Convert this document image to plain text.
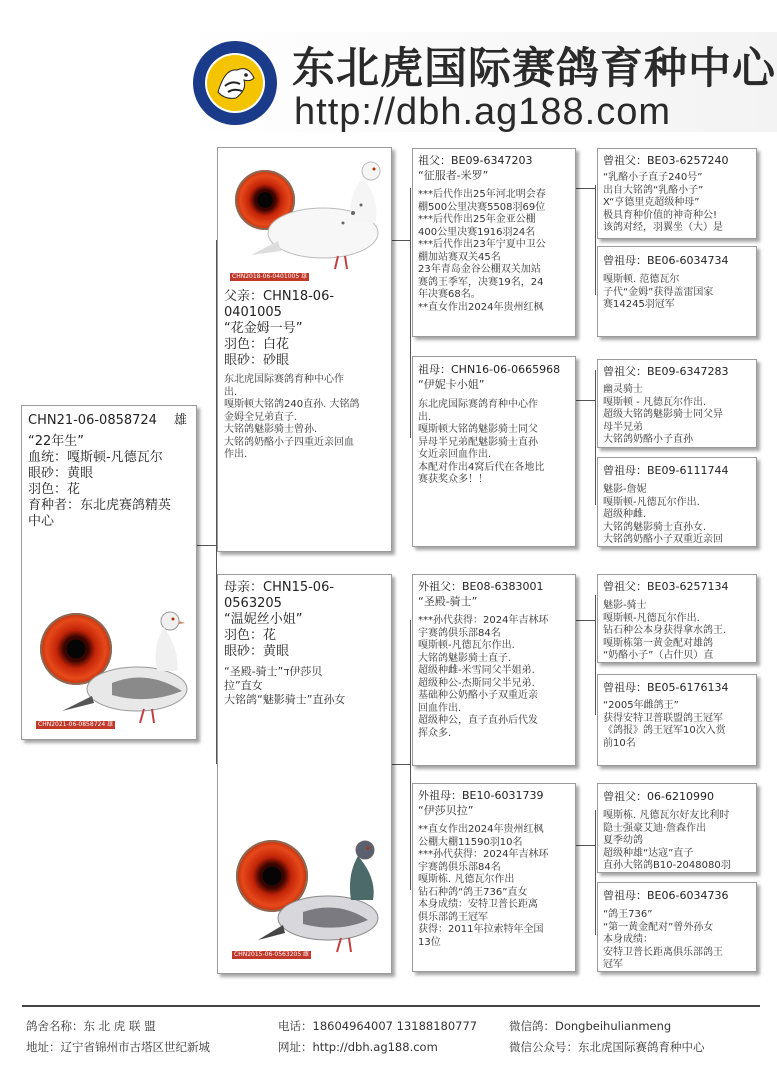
东北虎国际赛鸽育种中心
http://dbh.ag188.com
CHN21-06-0858724 雄
“22年生”
血统：嘎斯顿-凡德瓦尔
眼砂：黄眼
羽色：花
育种者：东北虎赛鸽精英
中心
CHN2021-06-0858724 雄
CHN2018-06-0401005 雄
父亲：CHN18-06-
0401005
“花金姆一号”
羽色：白花
眼砂：砂眼
东北虎国际赛鸽育种中心作
出.
嘎斯顿大铭鸽240直孙. 大铭鸽
金姆全兄弟直子.
大铭鸽魅影骑士曾孙.
大铭鸽奶酪小子四重近亲回血
作出.
母亲：CHN15-06-
0563205
“温妮丝小姐”
羽色：花
眼砂：黄眼
“圣殿-骑士”ד伊莎贝
拉”直女
大铭鸽“魅影骑士”直孙女
CHN2015-06-0563205 雌
祖父：BE09-6347203
“征服者-米罗”
***后代作出25年河北明会春
棚500公里决赛5508羽69位
***后代作出25年金亚公棚
400公里决赛1916羽24名
***后代作出23年宁夏中卫公
棚加站赛双关45名
23年青岛金谷公棚双关加站
赛鸽王季军，决赛19名，24
年决赛68名。
**直女作出2024年贵州红枫
祖母：CHN16-06-0665968
“伊妮卡小姐”
东北虎国际赛鸽育种中心作
出.
嘎斯顿大铭鸽魅影骑士同父
异母半兄弟配魅影骑士直孙
女近亲回血作出.
本配对作出4窝后代在各地比
赛获奖众多！！
外祖父：BE08-6383001
“圣殿-骑士”
***孙代获得：2024年吉林环
宇赛鸽俱乐部84名
嘎斯顿-凡德瓦尔作出.
大铭鸽魅影骑士直子.
超级种雌-米雪同父半姐弟.
超级种公-杰斯同父半兄弟.
基础种公奶酪小子双重近亲
回血作出.
超级种公，直子直孙后代发
挥众多.
外祖母：BE10-6031739
“伊莎贝拉”
**直女作出2024年贵州红枫
公棚大棚11590羽10名
***孙代获得：2024年吉林环
宇赛鸽俱乐部84名
嘎斯栋. 凡德瓦尔作出
钻石种鸽“鸽王736”直女
本身成绩：安特卫普长距离
俱乐部鸽王冠军
获得：2011年拉索特年全国
13位
曾祖父：BE03-6257240
“乳酪小子直子240号”
出自大铭鸽“乳酪小子”
X“亨德里克超级种母”
极具育种价值的神奇种公!
该鸽对经，羽翼坐（大）是
曾祖母：BE06-6034734
嘎斯顿. 范德瓦尔
子代“金姆”获得盖雷国家
赛14245羽冠军
曾祖父：BE09-6347283
幽灵骑士
嘎斯顿 - 凡德瓦尔作出.
超级大铭鸽魅影骑士同父异
母半兄弟
大铭鸽奶酪小子直孙
曾祖母：BE09-6111744
魅影-詹妮
嘎斯顿-凡德瓦尔作出.
超级种雌.
大铭鸽魅影骑士直孙女.
大铭鸽奶酪小子双重近亲回
曾祖父：BE03-6257134
魅影-骑士
嘎斯顿-凡德瓦尔作出.
钻石种公本身获得拿水鸽王.
嘎斯栋第一黄金配对雄鸽
“奶酪小子”（占什贝）直
曾祖母：BE05-6176134
“2005年雌鸽王”
获得安特卫普联盟鸽王冠军
《鸽报》鸽王冠军10次入赏
前10名
曾祖父：06-6210990
嘎斯栋. 凡德瓦尔好友比利时
隐士强豪艾迪·詹森作出
夏季幼鸽
超级种雄“达寇”直子
直孙大铭鸽B10-2048080羽
曾祖母：BE06-6034736
“鸽王736”
“第一黄金配对”曾外孙女
本身成绩：
安特卫普长距离俱乐部鸽王
冠军
鸽舍名称：东 北 虎 联 盟
地址：辽宁省锦州市古塔区世纪新城
电话：18604964007 13188180777
网址：http://dbh.ag188.com
微信鸽：Dongbeihulianmeng
微信公众号：东北虎国际赛鸽育种中心
